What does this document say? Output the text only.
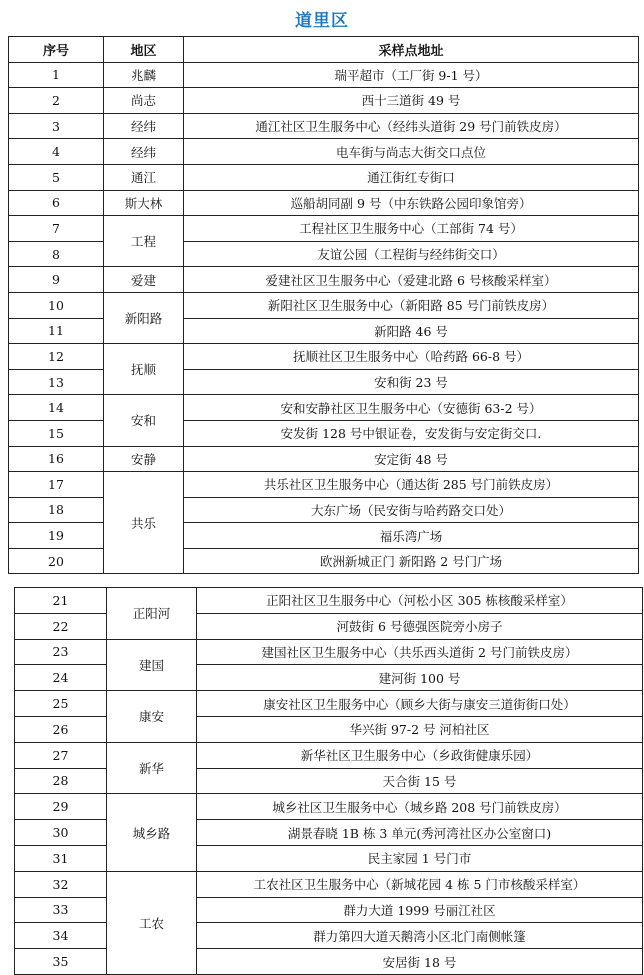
道里区
序号	地区	采样点地址
1	兆麟	瑞平超市（工厂街 9-1 号）
2	尚志	西十三道街 49 号
3	经纬	通江社区卫生服务中心（经纬头道街 29 号门前铁皮房）
4	经纬	电车街与尚志大街交口点位
5	通江	通江街红专街口
6	斯大林	巡船胡同副 9 号（中东铁路公园印象馆旁）
7	工程	工程社区卫生服务中心（工部街 74 号）
8		友谊公园（工程街与经纬街交口）
9	爱建	爱建社区卫生服务中心（爱建北路 6 号核酸采样室）
10	新阳路	新阳社区卫生服务中心（新阳路 85 号门前铁皮房）
11		新阳路 46 号
12	抚顺	抚顺社区卫生服务中心（哈药路 66-8 号）
13		安和街 23 号
14	安和	安和安静社区卫生服务中心（安德街 63-2 号）
15		安发街 128 号中银证卷，安发街与安定街交口.
16	安静	安定街 48 号
17	共乐	共乐社区卫生服务中心（通达街 285 号门前铁皮房）
18		大东广场（民安街与哈药路交口处）
19		福乐湾广场
20		欧洲新城正门 新阳路 2 号门广场
21	正阳河	正阳社区卫生服务中心（河松小区 305 栋核酸采样室）
22		河鼓街 6 号德强医院旁小房子
23	建国	建国社区卫生服务中心（共乐西头道街 2 号门前铁皮房）
24		建河街 100 号
25	康安	康安社区卫生服务中心（顾乡大街与康安三道街街口处）
26		华兴街 97-2 号 河柏社区
27	新华	新华社区卫生服务中心（乡政街健康乐园）
28		天合街 15 号
29	城乡路	城乡社区卫生服务中心（城乡路 208 号门前铁皮房）
30		湖景春晓 1B 栋 3 单元(秀河湾社区办公室窗口)
31		民主家园 1 号门市
32	工农	工农社区卫生服务中心（新城花园 4 栋 5 门市核酸采样室）
33		群力大道 1999 号丽江社区
34		群力第四大道天鹅湾小区北门南侧帐篷
35		安居街 18 号
